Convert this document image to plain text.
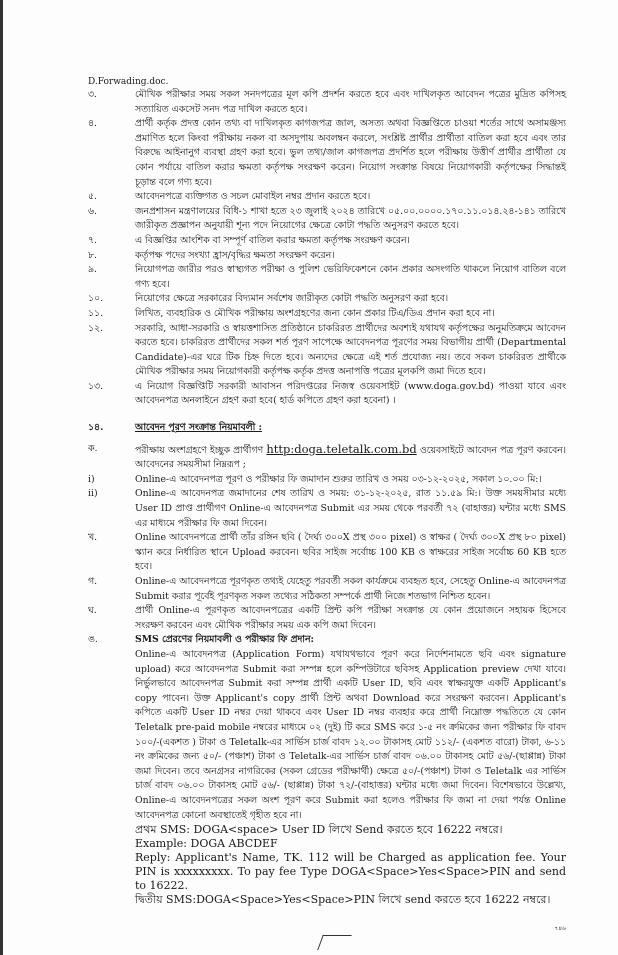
D.Forwading.doc.
৩.	মৌখিক পরীক্ষার সময় সকল সনদপত্রের মূল কপি প্রদর্শন করতে হবে এবং দাখিলকৃত আবেদন পত্রের মুদ্রিত কপিসহ সত্যায়িত একসেট সনদ পত্র দাখিল করতে হবে।
৪.	প্রার্থী কর্তৃক প্রদত্ত কোন তথ্য বা দাখিলকৃত কাগজপত্র জাল, অসত্য অথবা বিজ্ঞপ্তিতে চাওয়া শর্তের সাথে অসামঞ্জস্য প্রমাণিত হলে কিংবা পরীক্ষায় নকল বা অসদুপায় অবলম্বন করলে, সংশ্লিষ্ট প্রার্থীর প্রার্থীতা বাতিল করা হবে এবং তার বিরুদ্ধে আইনানুগ ব্যবস্থা গ্রহণ করা হবে। ভুল তথ্য/জাল কাগজপত্র প্রদর্শিত হলে পরীক্ষায় উত্তীর্ণ প্রার্থীর প্রার্থীতা যে কোন পর্যায়ে বাতিল করার ক্ষমতা কর্তৃপক্ষ সংরক্ষণ করেন। নিয়োগ সংক্রান্ত বিষয়ে নিয়োগকারী কর্তৃপক্ষের সিদ্ধান্তই চূড়ান্ত বলে গণ্য হবে।
৫.	আবেদনপত্রে ব্যক্তিগত ও সচল মোবাইল নম্বর প্রদান করতে হবে।
৬.	জনপ্রশাসন মন্ত্রণালয়ের বিধি-১ শাখা হতে ২৩ জুলাই ২০২৪ তারিখে ০৫.০০.০০০০.১৭০.১১.০১৪.২৪-১৪১ তারিখে জারীকৃত প্রজ্ঞাপন অনুযায়ী শূন্য পদে নিয়োগের ক্ষেত্রে কোটা পদ্ধতি অনুসরণ করতে হবে।
৭.	এ বিজ্ঞপ্তির আংশিক বা সম্পূর্ণ বাতিল করার ক্ষমতা কর্তৃপক্ষ সংরক্ষণ করেন।
৮.	কর্তৃপক্ষ পদের সংখ্যা হ্রাস/বৃদ্ধির ক্ষমতা সংরক্ষণ করেন।
৯.	নিয়োগপত্র জারীর পরও স্বাস্থ্যগত পরীক্ষা ও পুলিশ ভেরিফিকেশনে কোন প্রকার অসংগতি থাকলে নিয়োগ বাতিল বলে গণ্য হবে।
১০.	নিয়োগের ক্ষেত্রে সরকারের বিদ্যমান সর্বশেষ জারীকৃত কোটা পদ্ধতি অনুসরণ করা হবে।
১১.	লিখিত, ব্যবহারিক ও মৌখিক পরীক্ষায় অংশগ্রহণের জন্য কোন প্রকার টিএ/ডিএ প্রদান করা হবে না।
১২.	সরকারি, আধা-সরকারি ও স্বায়ত্তশাসিত প্রতিষ্ঠানে চাকরিরত প্রার্থীদের অবশ্যই যথাযথ কর্তৃপক্ষের অনুমতিক্রমে আবেদন করতে হবে। চাকরিরত প্রার্থীদের সকল শর্ত পূরণ সাপেক্ষে আবেদনপত্র পূরণের সময় বিভাগীয় প্রার্থী (Departmental Candidate)-এর ঘরে টিক চিহ্ন দিতে হবে। অন্যদের ক্ষেত্রে এই শর্ত প্রযোজ্য নয়। তবে সকল চাকরিরত প্রার্থীকে মৌখিক পরীক্ষার সময় নিয়োগকারী কর্তৃপক্ষ কর্তৃক প্রদত্ত অনাপত্তি পত্রের মূলকপি জমা দিতে হবে।
১৩.	এ নিয়োগ বিজ্ঞপ্তিটি সরকারী আবাসন পরিদপ্তরের নিজস্ব ওয়েবসাইট (www.doga.gov.bd) পাওয়া যাবে এবং আবেদনপত্র অনলাইনে গ্রহণ করা হবে( হার্ড কপিতে গ্রহণ করা হবেনা) ।
১৪.	আবেদন পূরণ সংক্রান্ত নিয়মাবলী :
ক.	পরীক্ষায় অংশগ্রহণে ইচ্ছুক প্রার্থীগণ http:doga.teletalk.com.bd ওয়েবসাইটে আবেদন পত্র পূরণ করবেন। আবেদনের সময়সীমা নিম্নরূপ ;
i)	Online-এ আবেদনপত্র পূরণ ও পরীক্ষার ফি জমাদান শুরুর তারিখ ও সময় ০৩-১২-২০২৫, সকাল ১০.০০ মি:।
ii)	Online-এ আবেদনপত্র জমাদানের শেষ তারিখ ও সময়: ৩১-১২-২০২৫, রাত ১১.৫৯ মি:। উক্ত সময়সীমার মধ্যে User ID প্রাপ্ত প্রার্থীগণ Online-এ আবেদনপত্র Submit এর সময় থেকে পরবর্তী ৭২ (বাহাত্তর) ঘন্টার মধ্যে SMS এর মাধ্যমে পরীক্ষার ফি জমা দিবেন।
খ.	Online আবেদনপত্রে প্রার্থী তাঁর রঙ্গিন ছবি ( দৈর্ঘ্য ৩০০X প্রস্থ ৩০০ pixel) ও স্বাক্ষর ( দৈর্ঘ্য ৩০০X প্রস্থ ৮০ pixel) স্ক্যান করে নির্ধারিত স্থানে Upload করবেন। ছবির সাইজ সর্বোচ্চ 100 KB ও স্বাক্ষরের সাইজ সর্বোচ্চ 60 KB হতে হবে।
গ.	Online-এ আবেদনপত্রে পূরণকৃত তথ্যই যেহেতু পরবর্তী সকল কার্যক্রমে ব্যবহৃত হবে, সেহেতু Online-এ আবেদনপত্র Submit করার পূর্বেই পূরণকৃত সকল তথ্যের সঠিকতা সম্পর্কে প্রার্থী নিজে শতভাগ নিশ্চিত হবেন।
ঘ.	প্রার্থী Online-এ পূরণকৃত আবেদনপত্রের একটি প্রিন্ট কপি পরীক্ষা সংক্রান্ত যে কোন প্রয়োজনে সহায়ক হিসেবে সংরক্ষণ করবেন এবং মৌখিক পরীক্ষার সময় এক কপি জমা দিবেন।
ঙ.	SMS প্রেরণের নিয়মাবলী ও পরীক্ষার ফি প্রদান:
Online-এ আবেদনপত্র (Application Form) যথাযথভাবে পূরণ করে নির্দেশনামতে ছবি এবং signature upload) করে আবেদনপত্র Submit করা সম্পন্ন হলে কম্পিউটারে ছবিসহ Application preview দেখা যাবে। নির্ভুলভাবে আবেদনপত্র Submit করা সম্পন্ন প্রার্থী একটি User ID, ছবি এবং স্বাক্ষরযুক্ত একটি Applicant's copy পাবেন। উক্ত Applicant's copy প্রার্থী প্রিন্ট অথবা Download করে সংরক্ষণ করবেন। Applicant's কপিতে একটি User ID নম্বর দেয়া থাকবে এবং User ID নম্বর ব্যবহার করে প্রার্থী নিম্নোক্ত পদ্ধতিতে যে কোন Teletalk pre-paid mobile নম্বরের মাধ্যমে ০২ (দুই) টি করে SMS করে ১-৫ নং ক্রমিকের জন্য পরীক্ষার ফি বাবদ ১০০/-(একশত ) টাকা ও Teletalk-এর সার্ভিস চার্জ বাবদ ১২.০০ টাকাসহ মোট ১১২/- (একশত বারো) টাকা, ৬-১১ নং ক্রমিকের জন্য ৫০/- (পঞ্চাশ) টাকা ও Teletalk-এর সার্ভিস চার্জ বাবদ ০৬.০০ টাকাসহ মোট ৫৬/-(ছাপ্পান্ন) টাকা জমা দিবেন। তবে অনগ্রসর নাগরিকের (সকল গ্রেডের পরীক্ষার্থী) ক্ষেত্রে ৫০/-(পঞ্চাশ) টাকা ও Teletalk এর সার্ভিস চার্জ বাবদ ০৬.০০ টাকাসহ মোট ৫৬/- (ছাপ্পান্ন) টাকা ৭২/-(বাহাত্তর) ঘন্টার মধ্যে জমা দিবেন। বিশেষভাবে উল্লেখ্য, Online-এ আবেদনপত্রের সকল অংশ পূরণ করে Submit করা হলেও পরীক্ষার ফি জমা না দেয়া পর্যন্ত Online আবেদনপত্র কোনো অবস্থাতেই গৃহীত হবে না।
প্রথম SMS: DOGA<space> User ID লিখে Send করতে হবে 16222 নম্বরে।
Example: DOGA ABCDEF
Reply: Applicant's Name, TK. 112 will be Charged as application fee. Your PIN is xxxxxxxxx. To pay fee Type DOGA<Space>Yes<Space>PIN and send to 16222.
দ্বিতীয় SMS:DOGA<Space>Yes<Space>PIN লিখে send করতে হবে 16222 নম্বরে।
৭৪৬
